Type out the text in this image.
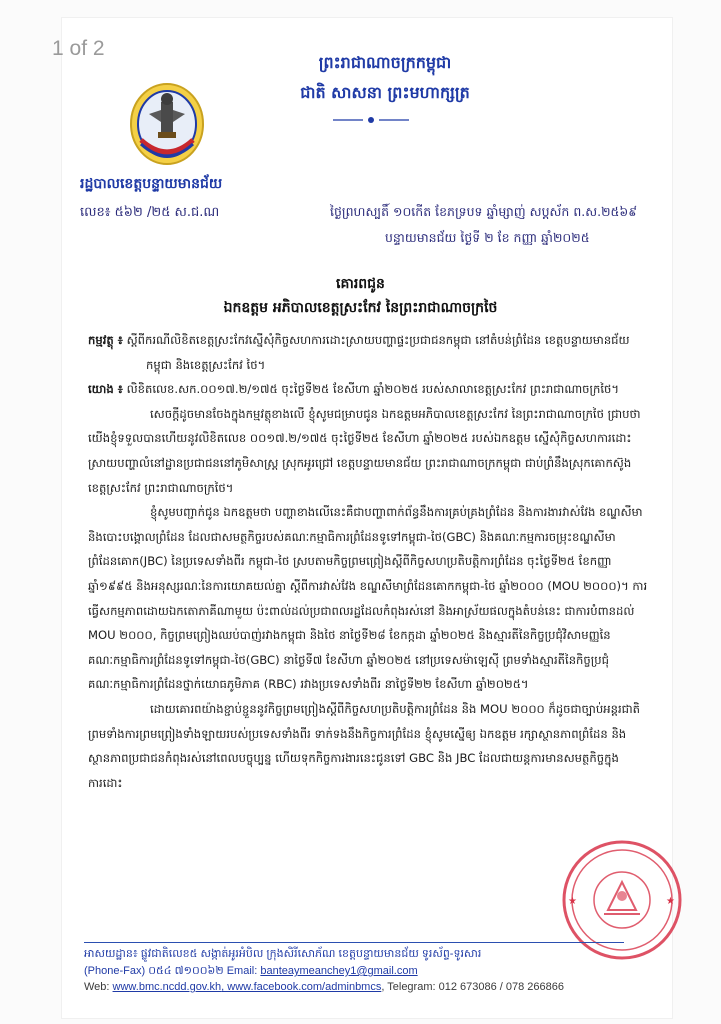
1 of 2
ព្រះរាជាណាចក្រកម្ពុជា
ជាតិ សាសនា ព្រះមហាក្សត្រ
រដ្ឋបាលខេត្តបន្ទាយមានជ័យ
លេខ៖ ៥៦២ /២៥ ស.ជ.ណ	ថ្ងៃព្រហស្បតិ៍ ១០កើត ខែភទ្របទ ឆ្នាំម្សាញ់ សប្តស័ក ព.ស.២៥៦៩
បន្ទាយមានជ័យ ថ្ងៃទី ២ ខែ កញ្ញា ឆ្នាំ២០២៥
គោរពជូន
ឯកឧត្តម អភិបាលខេត្តស្រះកែវ នៃព្រះរាជាណាចក្រថៃ

កម្មវត្ថុ ៖ ស្តីពីករណីលិខិតខេត្តស្រះកែវស្នើសុំកិច្ចសហការដោះស្រាយបញ្ហាផ្ទះប្រជាជនកម្ពុជា នៅតំបន់ព្រំដែន ខេត្តបន្ទាយមានជ័យ កម្ពុជា និងខេត្តស្រះកែវ ថៃ។

យោង ៖ លិខិតលេខ.សក.០០១៧.២/១៧៥ ចុះថ្ងៃទី២៥ ខែសីហា ឆ្នាំ២០២៥ របស់សាលាខេត្តស្រះកែវ ព្រះរាជាណាចក្រថៃ។

សេចក្តីដូចមានចែងក្នុងកម្មវត្ថុខាងលើ ខ្ញុំសូមជម្រាបជូន ឯកឧត្តមអភិបាលខេត្តស្រះកែវ នៃព្រះរាជាណាចក្រថៃ ជ្រាបថា យើងខ្ញុំទទួលបានហើយនូវលិខិតលេខ ០០១៧.២/១៧៥ ចុះថ្ងៃទី២៥ ខែសីហា ឆ្នាំ២០២៥ របស់ឯកឧត្តម ស្នើសុំកិច្ចសហការដោះស្រាយបញ្ហាលំនៅដ្ឋានប្រជាជននៅភូមិសាស្ត្រ ស្រុកអូរជ្រៅ ខេត្តបន្ទាយមានជ័យ ព្រះរាជាណាចក្រកម្ពុជា ជាប់ព្រំនឹងស្រុកគោកស៊ូង ខេត្តស្រះកែវ ព្រះរាជាណាចក្រថៃ។

ខ្ញុំសូមបញ្ជាក់ជូន ឯកឧត្តមថា បញ្ហាខាងលើនេះគឺជាបញ្ហាពាក់ព័ន្ធនឹងការគ្រប់គ្រងព្រំដែន និងការងារវាស់វែង ខណ្ឌសីមានិងបោះបង្គោលព្រំដែន ដែលជាសមត្ថកិច្ចរបស់គណៈកម្មាធិការព្រំដែនទូទៅកម្ពុជា-ថៃ(GBC) និងគណៈកម្មការចម្រុះខណ្ឌសីមាព្រំដែនគោក(JBC) នៃប្រទេសទាំងពីរ កម្ពុជា-ថៃ ស្របតាមកិច្ចព្រមព្រៀងស្តីពីកិច្ចសហប្រតិបត្តិការព្រំដែន ចុះថ្ងៃទី២៥ ខែកញ្ញា ឆ្នាំ១៩៩៥ និងអនុស្សរណៈនៃការយោគយល់គ្នា ស្តីពីការវាស់វែង ខណ្ឌសីមាព្រំដែនគោកកម្ពុជា-ថៃ ឆ្នាំ២០០០ (MOU ២០០០)។ ការធ្វើសកម្មភាពដោយឯកតោភាគីណាមួយ ប៉ះពាល់ដល់ប្រជាពលរដ្ឋដែលកំពុងរស់នៅ និងអាស្រ័យផលក្នុងតំបន់នេះ ជាការបំពានដល់ MOU ២០០០, កិច្ចព្រមព្រៀងឈប់បាញ់រវាងកម្ពុជា និងថៃ នាថ្ងៃទី២៨ ខែកក្កដា ឆ្នាំ២០២៥ និងស្មារតីនៃកិច្ចប្រជុំវិសាមញ្ញនៃគណៈកម្មាធិការព្រំដែនទូទៅកម្ពុជា-ថៃ(GBC) នាថ្ងៃទី៧ ខែសីហា ឆ្នាំ២០២៥ នៅប្រទេសម៉ាឡេស៊ី ព្រមទាំងស្មារតីនៃកិច្ចប្រជុំគណៈកម្មាធិការព្រំដែនថ្នាក់យោធភូមិភាគ (RBC) រវាងប្រទេសទាំងពីរ នាថ្ងៃទី២២ ខែសីហា ឆ្នាំ២០២៥។

ដោយគោរពយ៉ាងខ្ជាប់ខ្ជួននូវកិច្ចព្រមព្រៀងស្តីពីកិច្ចសហប្រតិបត្តិការព្រំដែន និង MOU ២០០០ ក៏ដូចជាច្បាប់អន្តរជាតិ ព្រមទាំងការព្រមព្រៀងទាំងឡាយរបស់ប្រទេសទាំងពីរ ទាក់ទងនឹងកិច្ចការព្រំដែន ខ្ញុំសូមស្នើឲ្យ ឯកឧត្តម រក្សាស្ថានភាពព្រំដែន និងស្ថានភាពប្រជាជនកំពុងរស់នៅពេលបច្ចុប្បន្ន ហើយទុកកិច្ចការងារនេះជូនទៅ GBC និង JBC ដែលជាយន្តការមានសមត្ថកិច្ចក្នុងការដោះ

★	★
អាសយដ្ឋាន៖ ផ្លូវជាតិលេខ៥ សង្កាត់អូរអំបិល ក្រុងសិរីសោភ័ណ ខេត្តបន្ទាយមានជ័យ ទូរស័ព្ទ-ទូរសារ
(Phone-Fax) ០៥៤ ៧១០០៦២ Email: banteaymeanchey1@gmail.com
Web: www.bmc.ncdd.gov.kh, www.facebook.com/adminbmcs, Telegram: 012 673086 / 078 266866
